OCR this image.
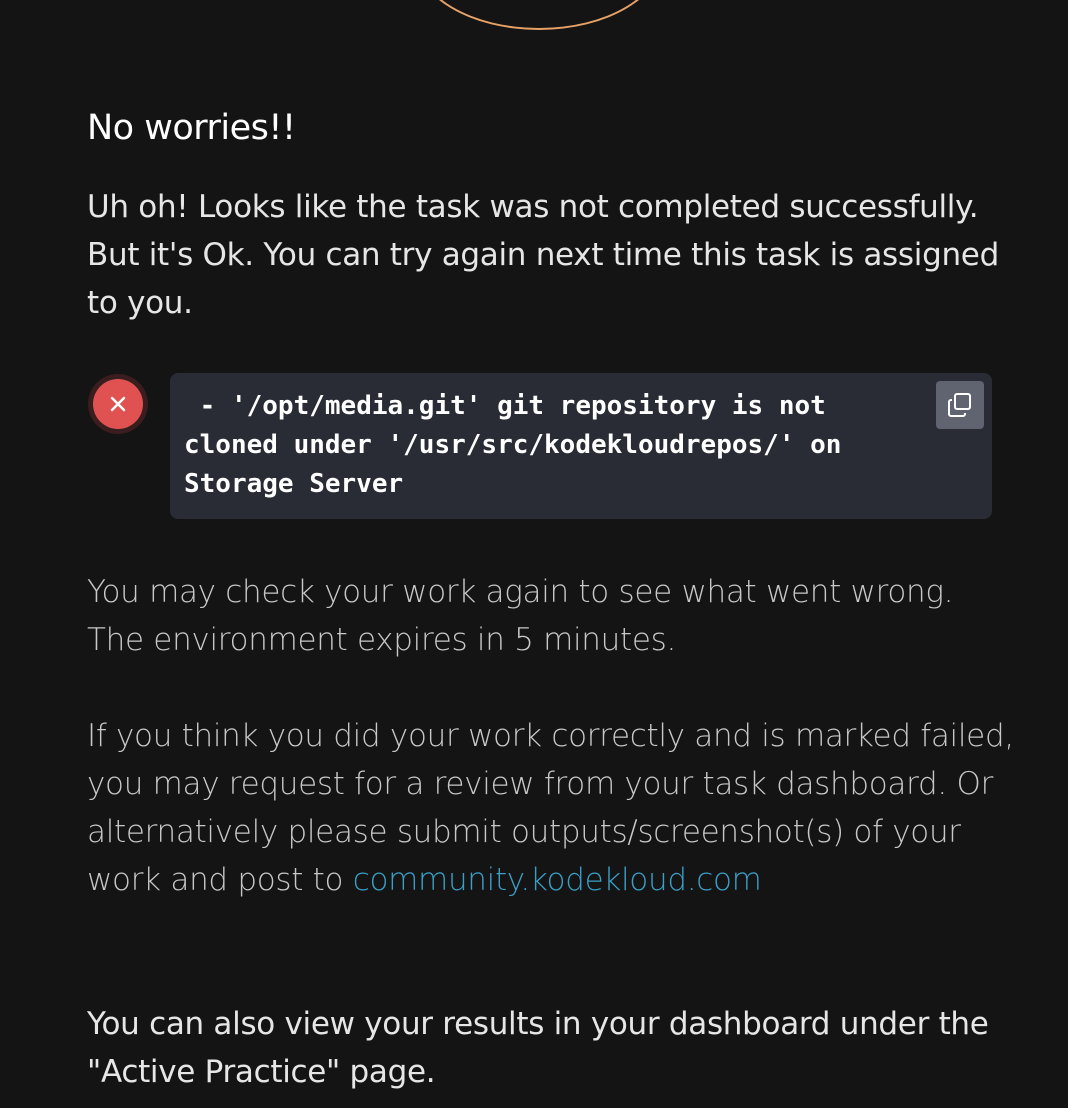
No worries!!
Uh oh! Looks like the task was not completed successfully. But it's Ok. You can try again next time this task is assigned to you.
- '/opt/media.git' git repository is not cloned under '/usr/src/kodekloudrepos/' on Storage Server
You may check your work again to see what went wrong. The environment expires in 5 minutes.
If you think you did your work correctly and is marked failed, you may request for a review from your task dashboard. Or alternatively please submit outputs/screenshot(s) of your work and post to community.kodekloud.com
You can also view your results in your dashboard under the "Active Practice" page.
